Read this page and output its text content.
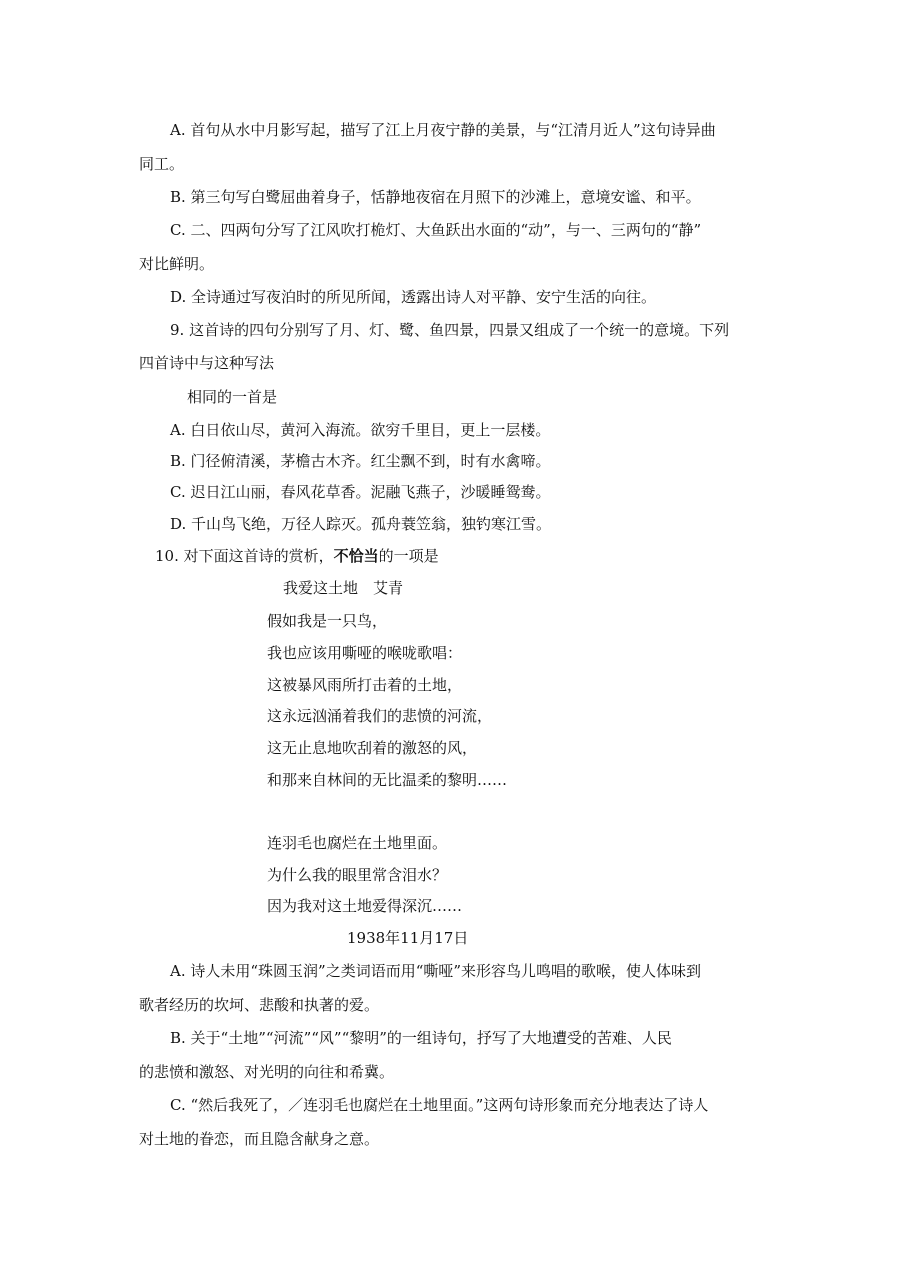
A. 首句从水中月影写起，描写了江上月夜宁静的美景，与“江清月近人”这句诗异曲
同工。
B. 第三句写白鹭屈曲着身子，恬静地夜宿在月照下的沙滩上，意境安谧、和平。
C. 二、四两句分写了江风吹打桅灯、大鱼跃出水面的“动”，与一、三两句的“静”
对比鲜明。
D. 全诗通过写夜泊时的所见所闻，透露出诗人对平静、安宁生活的向往。
9. 这首诗的四句分别写了月、灯、鹭、鱼四景，四景又组成了一个统一的意境。下列
四首诗中与这种写法
相同的一首是
A. 白日依山尽，黄河入海流。欲穷千里目，更上一层楼。
B. 门径俯清溪，茅檐古木齐。红尘飘不到，时有水禽啼。
C. 迟日江山丽，春风花草香。泥融飞燕子，沙暖睡鸳鸯。
D. 千山鸟飞绝，万径人踪灭。孤舟蓑笠翁，独钓寒江雪。
10. 对下面这首诗的赏析，不恰当的一项是
我爱这土地　艾青
假如我是一只鸟，
我也应该用嘶哑的喉咙歌唱：
这被暴风雨所打击着的土地，
这永远汹涌着我们的悲愤的河流，
这无止息地吹刮着的激怒的风，
和那来自林间的无比温柔的黎明……
连羽毛也腐烂在土地里面。
为什么我的眼里常含泪水？
因为我对这土地爱得深沉……
1938年11月17日
A. 诗人未用“珠圆玉润”之类词语而用“嘶哑”来形容鸟儿鸣唱的歌喉，使人体味到
歌者经历的坎坷、悲酸和执著的爱。
B. 关于“土地”“河流”“风”“黎明”的一组诗句，抒写了大地遭受的苦难、人民
的悲愤和激怒、对光明的向往和希冀。
C. “然后我死了，／连羽毛也腐烂在土地里面。”这两句诗形象而充分地表达了诗人
对土地的眷恋，而且隐含献身之意。
